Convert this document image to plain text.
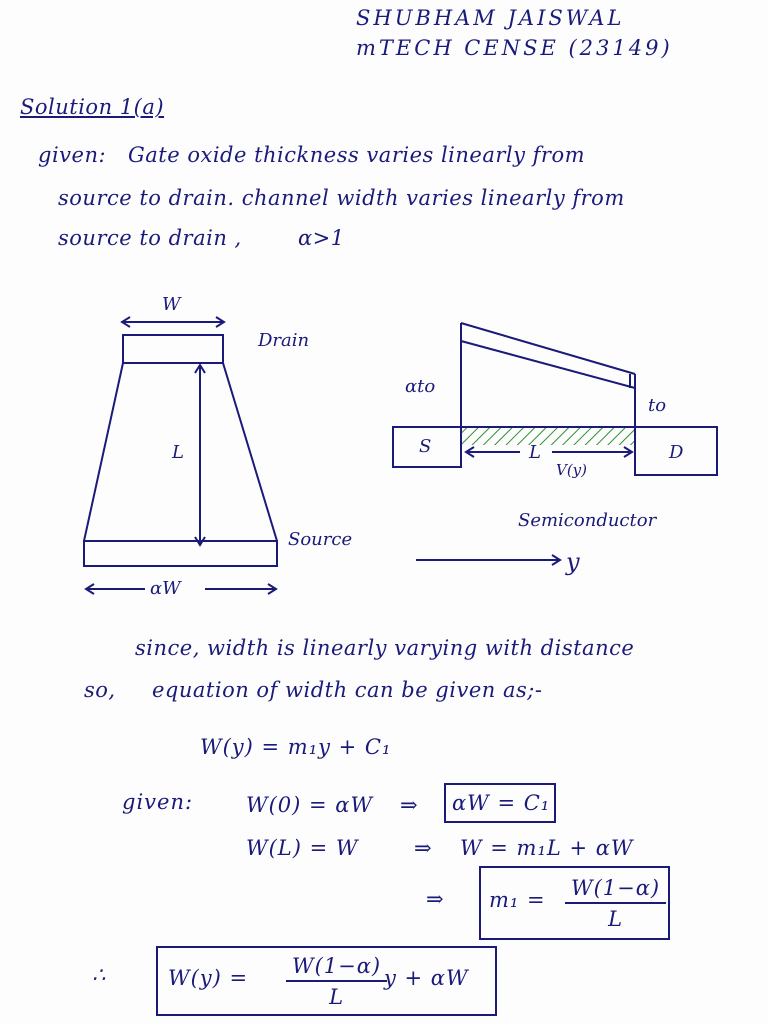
SHUBHAM JAISWAL
mTECH CENSE (23149)
Solution 1(a)
given: Gate oxide thickness varies linearly from
source to drain. channel width varies linearly from
source to drain ,	α>1
W
Drain
L
Source
αW
αto
to
S	D
L
V(y)
Semiconductor
y
since, width is linearly varying with distance
so, equation of width can be given as;-
W(y) = m₁y + C₁
given:	W(0) = αW ⇒ αW = C₁
W(L) = W	⇒ W = m₁L + αW
⇒ $m_1 = \frac{W(1-\alpha)}{L}$
∴	$W(y) = \frac{W(1-\alpha)}{L}$
y + αW
